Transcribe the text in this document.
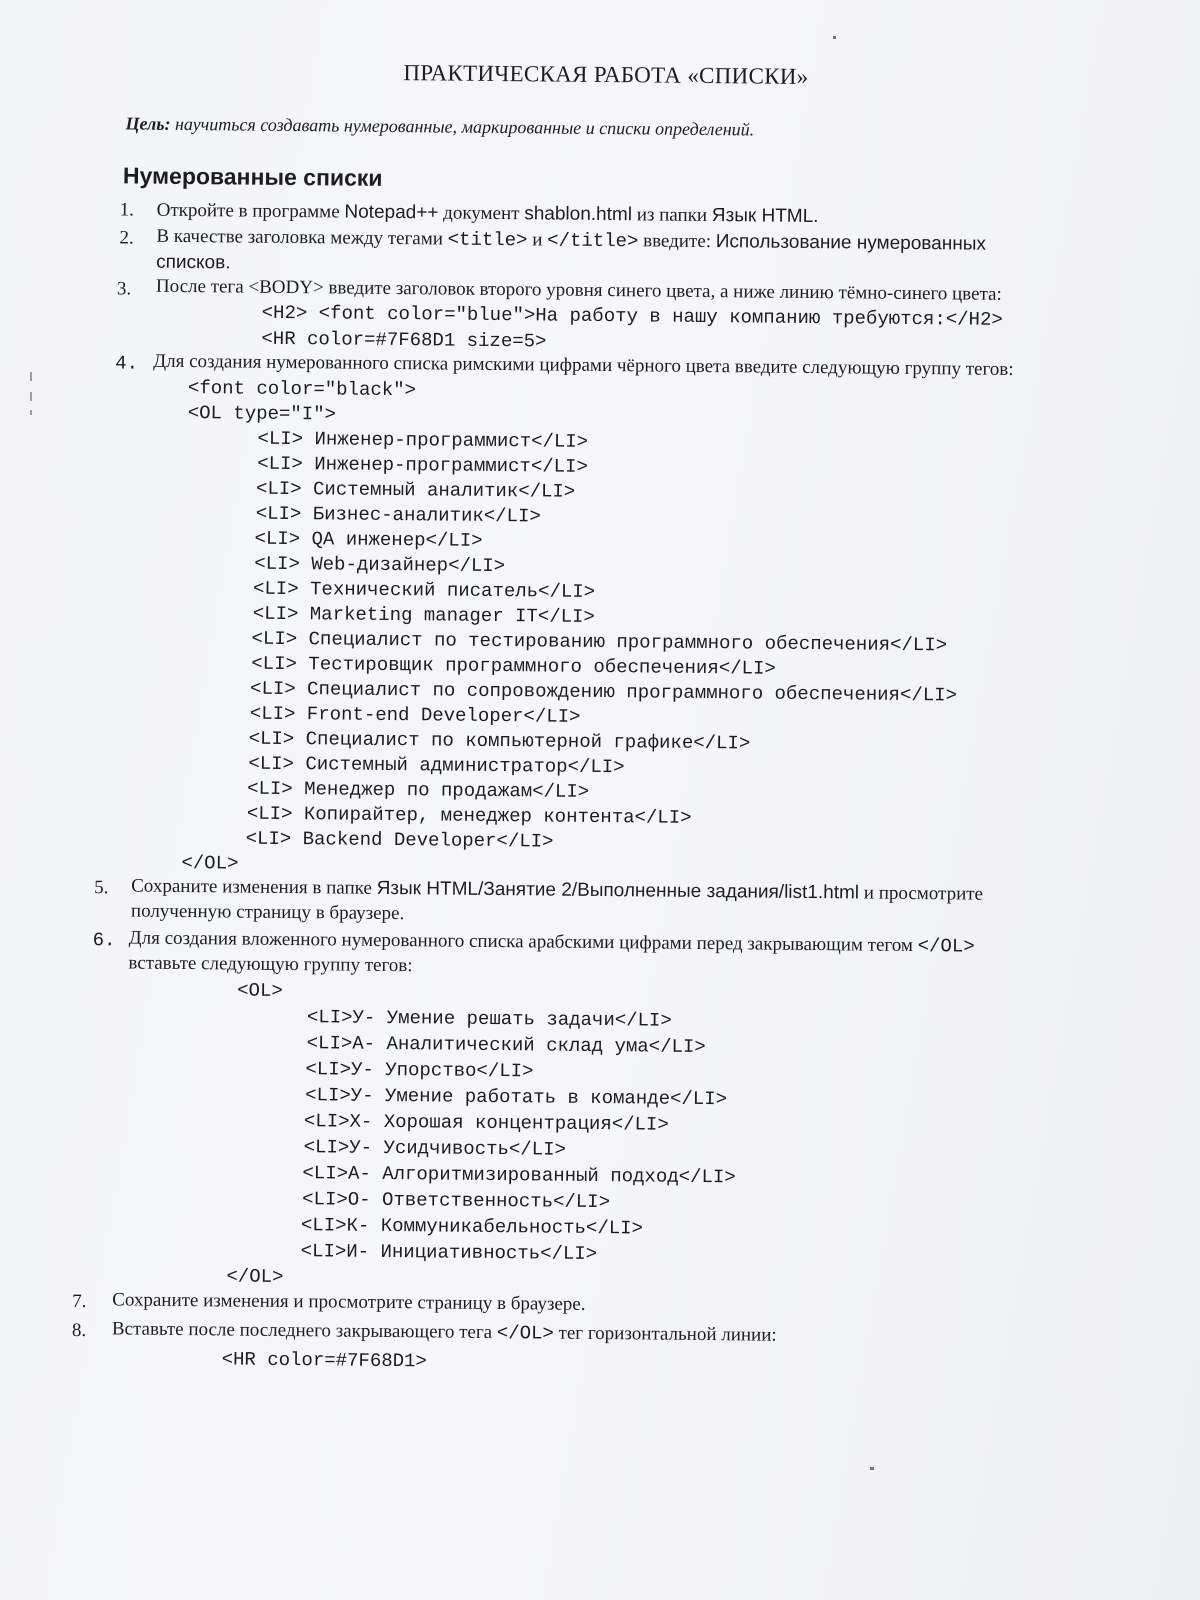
ПРАКТИЧЕСКАЯ РАБОТА «СПИСКИ»
Цель: научиться создавать нумерованные, маркированные и списки определений.
Нумерованные списки
1. Откройте в программе Notepad++ документ shablon.html из папки Язык HTML.
2. В качестве заголовка между тегами <title> и </title> введите: Использование нумерованных
списков.
3. После тега <BODY> введите заголовок второго уровня синего цвета, а ниже линию тёмно-синего цвета:
<H2> <font color="blue">На работу в нашу компанию требуются:</H2>
<HR color=#7F68D1 size=5>
4. Для создания нумерованного списка римскими цифрами чёрного цвета введите следующую группу тегов:
<font color="black">
<OL type="I">
<LI> Инженер-программист</LI>
<LI> Инженер-программист</LI>
<LI> Системный аналитик</LI>
<LI> Бизнес-аналитик</LI>
<LI> QA инженер</LI>
<LI> Web-дизайнер</LI>
<LI> Технический писатель</LI>
<LI> Marketing manager IT</LI>
<LI> Специалист по тестированию программного обеспечения</LI>
<LI> Тестировщик программного обеспечения</LI>
<LI> Специалист по сопровождению программного обеспечения</LI>
<LI> Front-end Developer</LI>
<LI> Специалист по компьютерной графике</LI>
<LI> Системный администратор</LI>
<LI> Менеджер по продажам</LI>
<LI> Копирайтер, менеджер контента</LI>
<LI> Backend Developer</LI>
</OL>
5. Сохраните изменения в папке Язык HTML/Занятие 2/Выполненные задания/list1.html и просмотрите
полученную страницу в браузере.
6. Для создания вложенного нумерованного списка арабскими цифрами перед закрывающим тегом </OL>
вставьте следующую группу тегов:
<OL>
<LI>У- Умение решать задачи</LI>
<LI>А- Аналитический склад ума</LI>
<LI>У- Упорство</LI>
<LI>У- Умение работать в команде</LI>
<LI>Х- Хорошая концентрация</LI>
<LI>У- Усидчивость</LI>
<LI>А- Алгоритмизированный подход</LI>
<LI>О- Ответственность</LI>
<LI>К- Коммуникабельность</LI>
<LI>И- Инициативность</LI>
</OL>
7. Сохраните изменения и просмотрите страницу в браузере.
8. Вставьте после последнего закрывающего тега </OL> тег горизонтальной линии:
<HR color=#7F68D1>
